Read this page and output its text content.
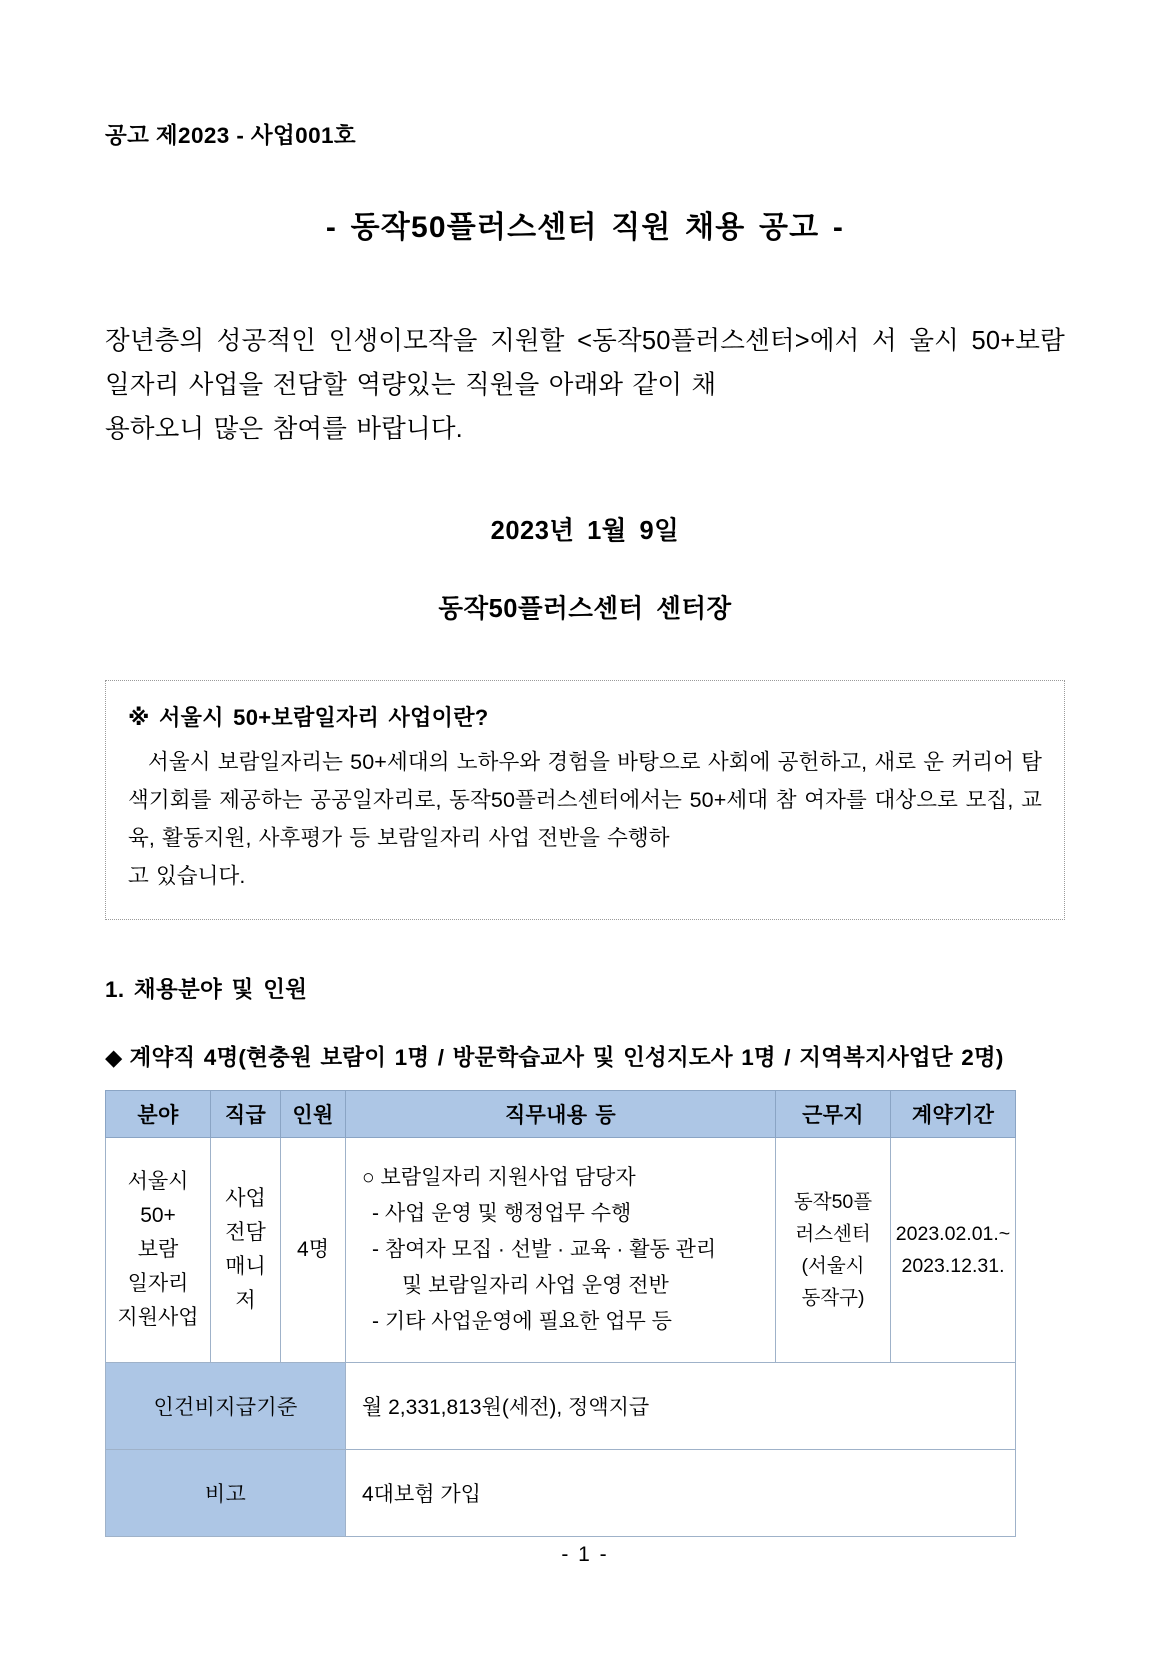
공고 제2023 - 사업001호
- 동작50플러스센터 직원 채용 공고 -
장년층의 성공적인 인생이모작을 지원할 <동작50플러스센터>에서 서 울시 50+보람일자리 사업을 전담할 역량있는 직원을 아래와 같이 채
용하오니 많은 참여를 바랍니다.
2023년 1월 9일
동작50플러스센터 센터장
※ 서울시 50+보람일자리 사업이란?
서울시 보람일자리는 50+세대의 노하우와 경험을 바탕으로 사회에 공헌하고, 새로 운 커리어 탐색기회를 제공하는 공공일자리로, 동작50플러스센터에서는 50+세대 참 여자를 대상으로 모집, 교육, 활동지원, 사후평가 등 보람일자리 사업 전반을 수행하
고 있습니다.
1. 채용분야 및 인원
◆ 계약직 4명(현충원 보람이 1명 / 방문학습교사 및 인성지도사 1명 / 지역복지사업단 2명)
분야	직급	인원	직무내용 등	근무지	계약기간
서울시
50+
보람
일자리
지원사업	사업
전담
매니
저	4명	○ 보람일자리 지원사업 담당자
- 사업 운영 및 행정업무 수행
- 참여자 모집 · 선발 · 교육 · 활동 관리
및 보람일자리 사업 운영 전반
- 기타 사업운영에 필요한 업무 등	동작50플
러스센터
(서울시
동작구)	2023.02.01.~
2023.12.31.
인건비지급기준			월 2,331,813원(세전), 정액지급		
비고			4대보험 가입		
- 1 -
